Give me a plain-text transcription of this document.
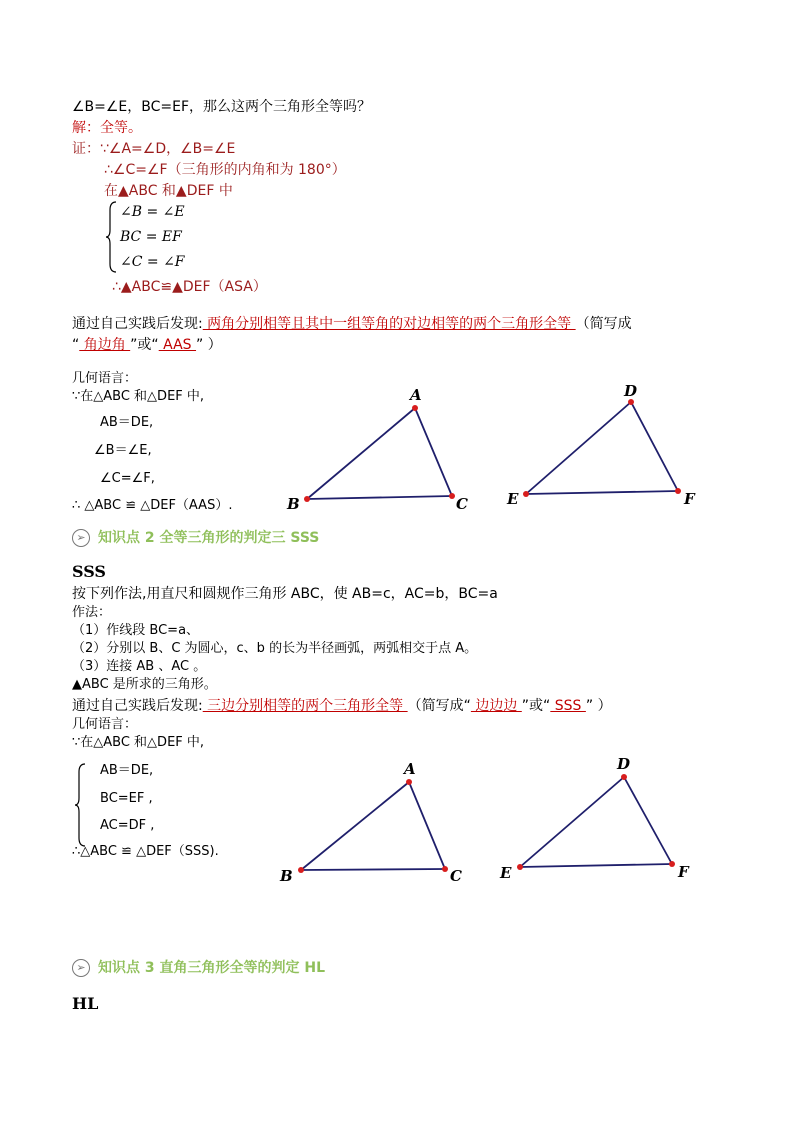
∠B=∠E，BC=EF，那么这两个三角形全等吗？
解：全等。
证：∵∠A=∠D，∠B=∠E
∴∠C=∠F（三角形的内角和为 180°）
在▲ABC 和▲DEF 中
∠B = ∠E
BC = EF
∠C = ∠F
∴▲ABC≌▲DEF（ASA）
通过自己实践后发现: 两角分别相等且其中一组等角的对边相等的两个三角形全等 （简写成
“ 角边角 ”或“ AAS ” ）
几何语言：
∵在△ABC 和△DEF 中,
AB＝DE,
∠B＝∠E,
∠C=∠F,
∴ △ABC ≌ △DEF（AAS）.
A
B	C
D
E	F
➢ 知识点 2 全等三角形的判定三 SSS
SSS
按下列作法,用直尺和圆规作三角形 ABC，使 AB=c，AC=b，BC=a
作法：
（1）作线段 BC=a、
（2）分别以 B、C 为圆心，c、b 的长为半径画弧，两弧相交于点 A。
（3）连接 AB 、AC 。
▲ABC 是所求的三角形。
通过自己实践后发现: 三边分别相等的两个三角形全等 （简写成“ 边边边 ”或“ SSS ” ）
几何语言：
∵在△ABC 和△DEF 中,
AB＝DE,
BC=EF ,
AC=DF ,
∴△ABC ≌ △DEF（SSS).
A
B	C
D
E	F
➢ 知识点 3 直角三角形全等的判定 HL
HL
